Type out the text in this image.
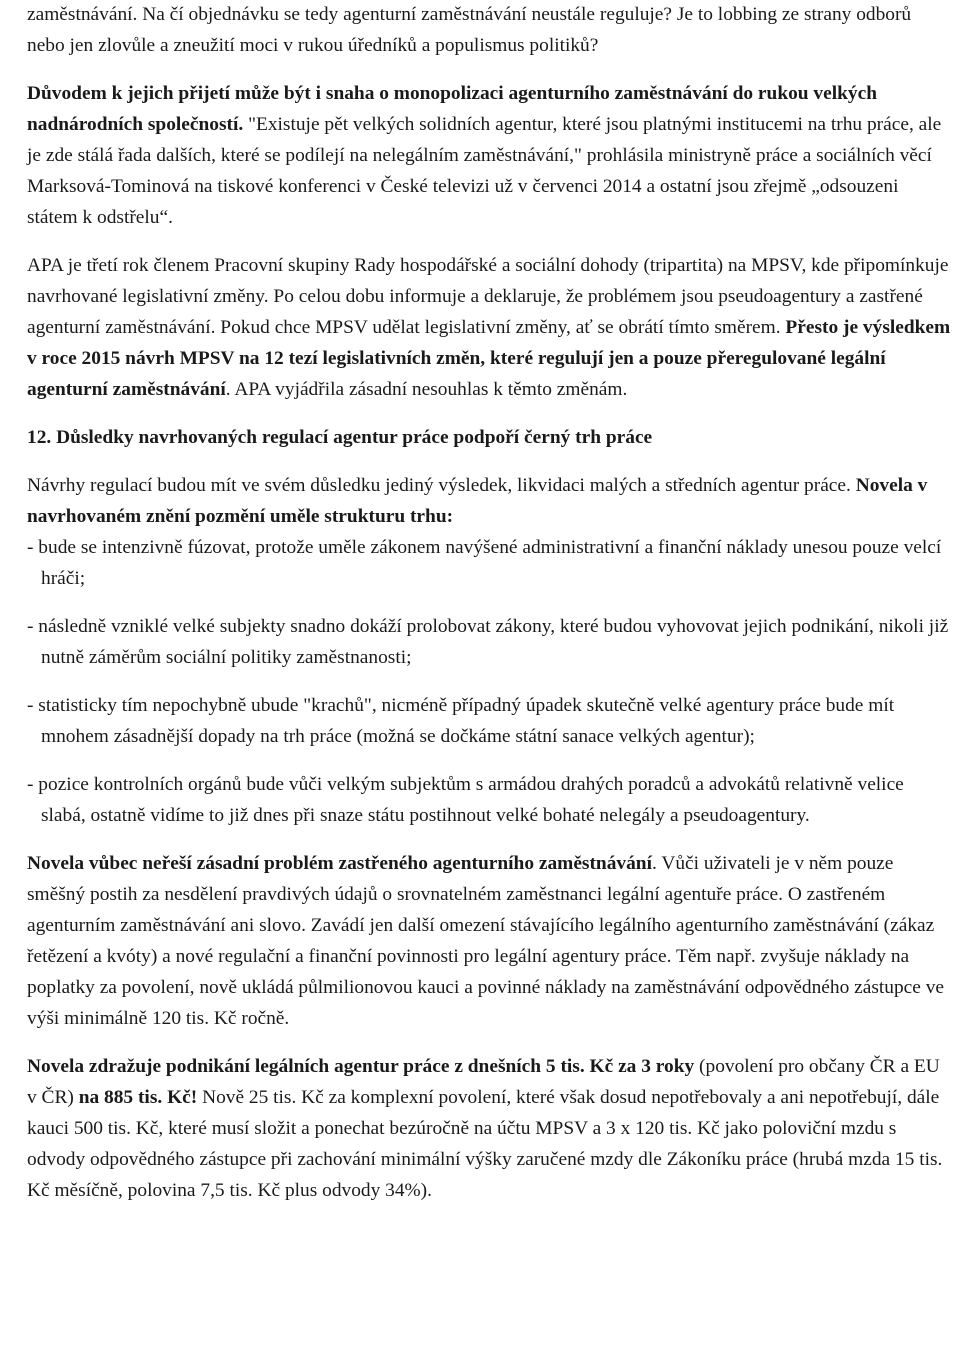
zaměstnávání. Na čí objednávku se tedy agenturní zaměstnávání neustále reguluje? Je to lobbing ze strany odborů nebo jen zlovůle a zneužití moci v rukou úředníků a populismus politiků?

Důvodem k jejich přijetí může být i snaha o monopolizaci agenturního zaměstnávání do rukou velkých nadnárodních společností. "Existuje pět velkých solidních agentur, které jsou platnými institucemi na trhu práce, ale je zde stálá řada dalších, které se podílejí na nelegálním zaměstnávání," prohlásila ministryně práce a sociálních věcí Marksová-Tominová na tiskové konferenci v České televizi už v červenci 2014 a ostatní jsou zřejmě „odsouzeni státem k odstřelu“.

APA je třetí rok členem Pracovní skupiny Rady hospodářské a sociální dohody (tripartita) na MPSV, kde připomínkuje navrhované legislativní změny. Po celou dobu informuje a deklaruje, že problémem jsou pseudoagentury a zastřené agenturní zaměstnávání. Pokud chce MPSV udělat legislativní změny, ať se obrátí tímto směrem. Přesto je výsledkem v roce 2015 návrh MPSV na 12 tezí legislativních změn, které regulují jen a pouze přeregulované legální agenturní zaměstnávání. APA vyjádřila zásadní nesouhlas k těmto změnám.

12. Důsledky navrhovaných regulací agentur práce podpoří černý trh práce

Návrhy regulací budou mít ve svém důsledku jediný výsledek, likvidaci malých a středních agentur práce. Novela v navrhovaném znění pozmění uměle strukturu trhu:

- bude se intenzivně fúzovat, protože uměle zákonem navýšené administrativní a finanční náklady unesou pouze velcí hráči;

- následně vzniklé velké subjekty snadno dokáží prolobovat zákony, které budou vyhovovat jejich podnikání, nikoli již nutně záměrům sociální politiky zaměstnanosti;

- statisticky tím nepochybně ubude "krachů", nicméně případný úpadek skutečně velké agentury práce bude mít mnohem zásadnější dopady na trh práce (možná se dočkáme státní sanace velkých agentur);

- pozice kontrolních orgánů bude vůči velkým subjektům s armádou drahých poradců a advokátů relativně velice slabá, ostatně vidíme to již dnes při snaze státu postihnout velké bohaté nelegály a pseudoagentury.

Novela vůbec neřeší zásadní problém zastřeného agenturního zaměstnávání. Vůči uživateli je v něm pouze směšný postih za nesdělení pravdivých údajů o srovnatelném zaměstnanci legální agentuře práce. O zastřeném agenturním zaměstnávání ani slovo. Zavádí jen další omezení stávajícího legálního agenturního zaměstnávání (zákaz řetězení a kvóty) a nové regulační a finanční povinnosti pro legální agentury práce. Těm např. zvyšuje náklady na poplatky za povolení, nově ukládá půlmilionovou kauci a povinné náklady na zaměstnávání odpovědného zástupce ve výši minimálně 120 tis. Kč ročně.

Novela zdražuje podnikání legálních agentur práce z dnešních 5 tis. Kč za 3 roky (povolení pro občany ČR a EU v ČR) na 885 tis. Kč! Nově 25 tis. Kč za komplexní povolení, které však dosud nepotřebovaly a ani nepotřebují, dále kauci 500 tis. Kč, které musí složit a ponechat bezúročně na účtu MPSV a 3 x 120 tis. Kč jako poloviční mzdu s odvody odpovědného zástupce při zachování minimální výšky zaručené mzdy dle Zákoníku práce (hrubá mzda 15 tis. Kč měsíčně, polovina 7,5 tis. Kč plus odvody 34%).
